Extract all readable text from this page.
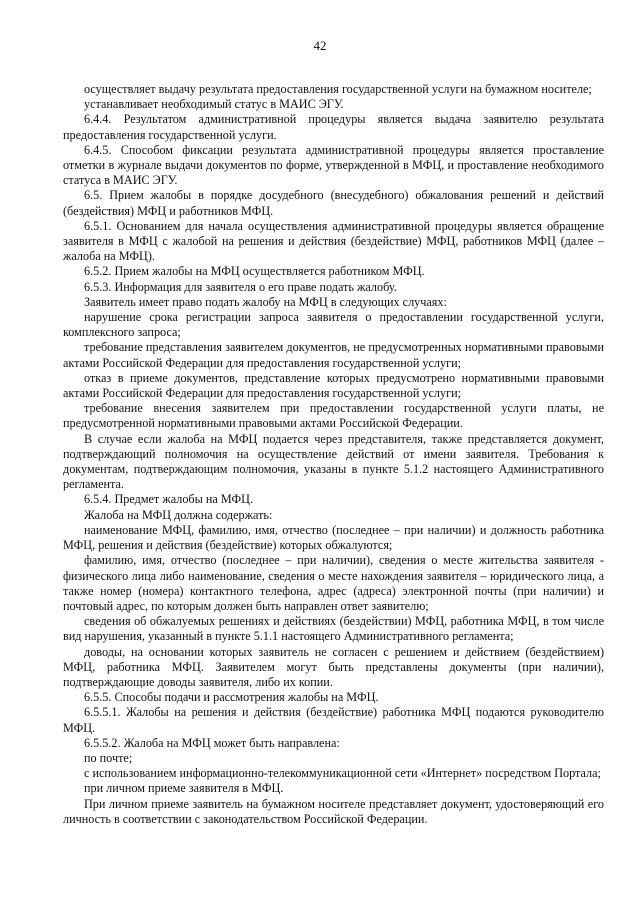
42

осуществляет выдачу результата предоставления государственной услуги на бумажном носителе;

устанавливает необходимый статус в МАИС ЭГУ.

6.4.4. Результатом административной процедуры является выдача заявителю результата предоставления государственной услуги.

6.4.5. Способом фиксации результата административной процедуры является проставление отметки в журнале выдачи документов по форме, утвержденной в МФЦ, и проставление необходимого статуса в МАИС ЭГУ.

6.5. Прием жалобы в порядке досудебного (внесудебного) обжалования решений и действий (бездействия) МФЦ и работников МФЦ.

6.5.1. Основанием для начала осуществления административной процедуры является обращение заявителя в МФЦ с жалобой на решения и действия (бездействие) МФЦ, работников МФЦ (далее – жалоба на МФЦ).

6.5.2. Прием жалобы на МФЦ осуществляется работником МФЦ.

6.5.3. Информация для заявителя о его праве подать жалобу.

Заявитель имеет право подать жалобу на МФЦ в следующих случаях:

нарушение срока регистрации запроса заявителя о предоставлении государственной услуги, комплексного запроса;

требование представления заявителем документов, не предусмотренных нормативными правовыми актами Российской Федерации для предоставления государственной услуги;

отказ в приеме документов, представление которых предусмотрено нормативными правовыми актами Российской Федерации для предоставления государственной услуги;

требование внесения заявителем при предоставлении государственной услуги платы, не предусмотренной нормативными правовыми актами Российской Федерации.

В случае если жалоба на МФЦ подается через представителя, также представляется документ, подтверждающий полномочия на осуществление действий от имени заявителя. Требования к документам, подтверждающим полномочия, указаны в пункте 5.1.2 настоящего Административного регламента.

6.5.4. Предмет жалобы на МФЦ.

Жалоба на МФЦ должна содержать:

наименование МФЦ, фамилию, имя, отчество (последнее – при наличии) и должность работника МФЦ, решения и действия (бездействие) которых обжалуются;

фамилию, имя, отчество (последнее – при наличии), сведения о месте жительства заявителя - физического лица либо наименование, сведения о месте нахождения заявителя – юридического лица, а также номер (номера) контактного телефона, адрес (адреса) электронной почты (при наличии) и почтовый адрес, по которым должен быть направлен ответ заявителю;

сведения об обжалуемых решениях и действиях (бездействии) МФЦ, работника МФЦ, в том числе вид нарушения, указанный в пункте 5.1.1 настоящего Административного регламента;

доводы, на основании которых заявитель не согласен с решением и действием (бездействием) МФЦ, работника МФЦ. Заявителем могут быть представлены документы (при наличии), подтверждающие доводы заявителя, либо их копии.

6.5.5. Способы подачи и рассмотрения жалобы на МФЦ.

6.5.5.1. Жалобы на решения и действия (бездействие) работника МФЦ подаются руководителю МФЦ.

6.5.5.2. Жалоба на МФЦ может быть направлена:

по почте;

с использованием информационно-телекоммуникационной сети «Интернет» посредством Портала;

при личном приеме заявителя в МФЦ.

При личном приеме заявитель на бумажном носителе представляет документ, удостоверяющий его личность в соответствии с законодательством Российской Федерации.
